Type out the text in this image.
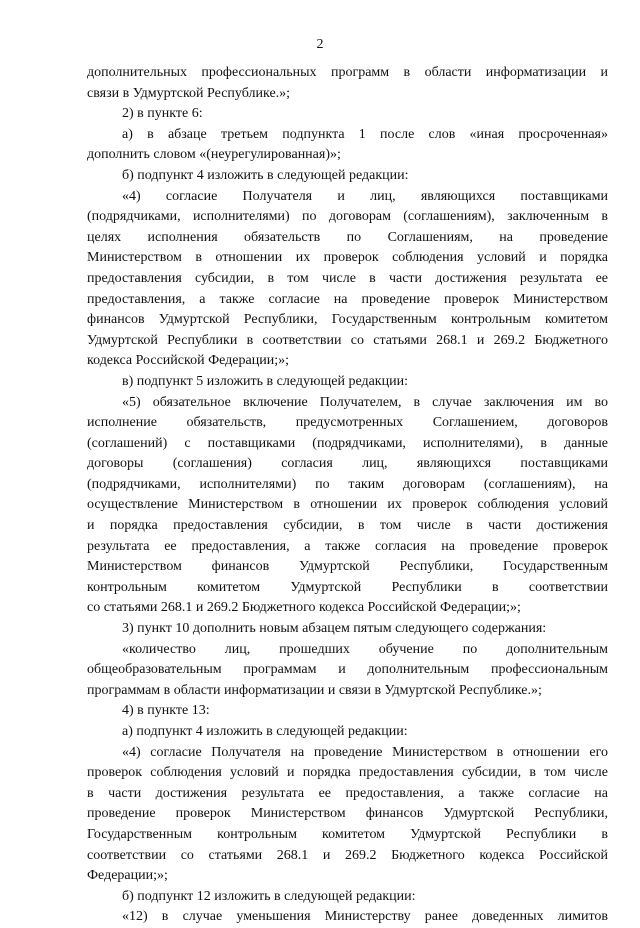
2
дополнительных профессиональных программ в области информатизации и
связи в Удмуртской Республике.»;
2) в пункте 6:
а) в абзаце третьем подпункта 1 после слов «иная просроченная»
дополнить словом «(неурегулированная)»;
б) подпункт 4 изложить в следующей редакции:
«4) согласие Получателя и лиц, являющихся поставщиками
(подрядчиками, исполнителями) по договорам (соглашениям), заключенным в
целях исполнения обязательств по Соглашениям, на проведение
Министерством в отношении их проверок соблюдения условий и порядка
предоставления субсидии, в том числе в части достижения результата ее
предоставления, а также согласие на проведение проверок Министерством
финансов Удмуртской Республики, Государственным контрольным комитетом
Удмуртской Республики в соответствии со статьями 268.1 и 269.2 Бюджетного
кодекса Российской Федерации;»;
в) подпункт 5 изложить в следующей редакции:
«5) обязательное включение Получателем, в случае заключения им во
исполнение обязательств, предусмотренных Соглашением, договоров
(соглашений) с поставщиками (подрядчиками, исполнителями), в данные
договоры (соглашения) согласия лиц, являющихся поставщиками
(подрядчиками, исполнителями) по таким договорам (соглашениям), на
осуществление Министерством в отношении их проверок соблюдения условий
и порядка предоставления субсидии, в том числе в части достижения
результата ее предоставления, а также согласия на проведение проверок
Министерством финансов Удмуртской Республики, Государственным
контрольным комитетом Удмуртской Республики в соответствии
со статьями 268.1 и 269.2 Бюджетного кодекса Российской Федерации;»;
3) пункт 10 дополнить новым абзацем пятым следующего содержания:
«количество лиц, прошедших обучение по дополнительным
общеобразовательным программам и дополнительным профессиональным
программам в области информатизации и связи в Удмуртской Республике.»;
4) в пункте 13:
а) подпункт 4 изложить в следующей редакции:
«4) согласие Получателя на проведение Министерством в отношении его
проверок соблюдения условий и порядка предоставления субсидии, в том числе
в части достижения результата ее предоставления, а также согласие на
проведение проверок Министерством финансов Удмуртской Республики,
Государственным контрольным комитетом Удмуртской Республики в
соответствии со статьями 268.1 и 269.2 Бюджетного кодекса Российской
Федерации;»;
б) подпункт 12 изложить в следующей редакции:
«12) в случае уменьшения Министерству ранее доведенных лимитов
